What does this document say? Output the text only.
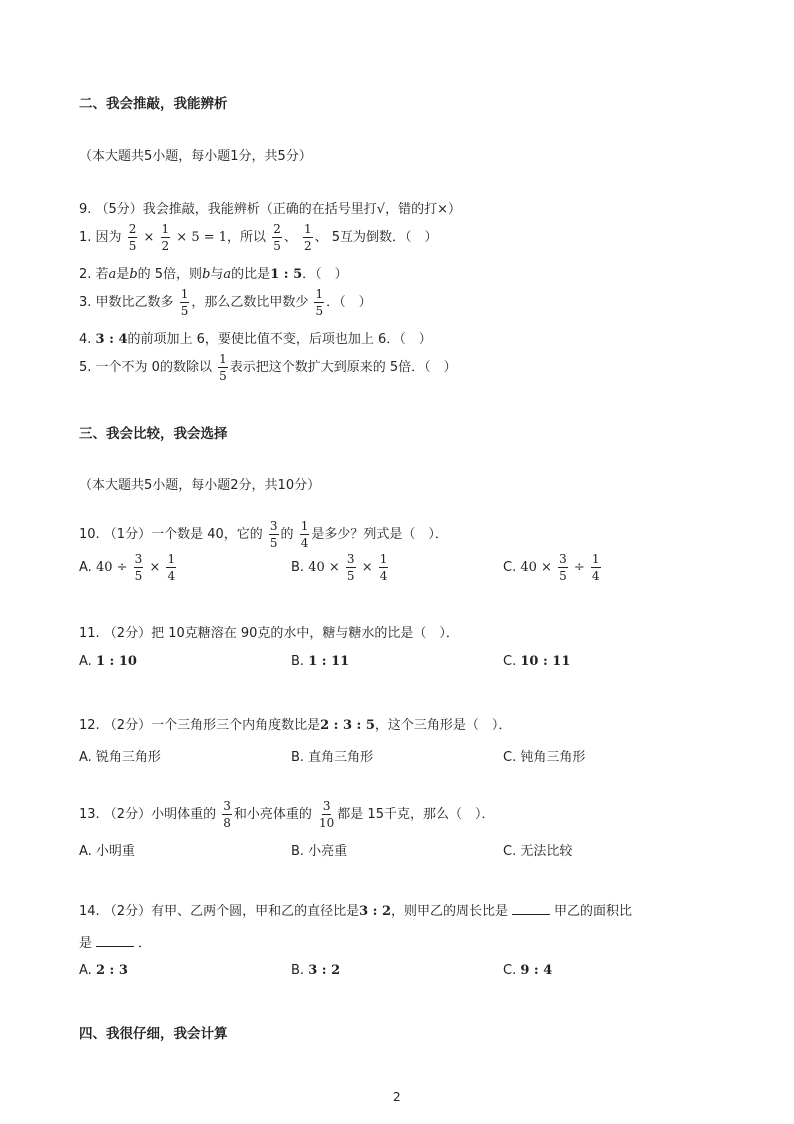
二、我会推敲，我能辨析
（本大题共5小题，每小题1分，共5分）
9. （5分）我会推敲，我能辨析（正确的在括号里打√，错的打×）
1. 因为 $\frac{2}{5} \times \frac{1}{2} \times 5 = 1$，所以 $\frac{2}{5}$ 、 $\frac{1}{2}$ 、 5互为倒数．（　）
2. 若a是b的 5倍，则b与a的比是1 : 5．（　）
3. 甲数比乙数多 $\frac{1}{5}$ ，那么乙数比甲数少 $\frac{1}{5}$ ．（　）
4. 3 : 4的前项加上 6，要使比值不变，后项也加上 6．（　）
5. 一个不为 0的数除以 $\frac{1}{5}$ 表示把这个数扩大到原来的 5倍．（　）
三、我会比较，我会选择
（本大题共5小题，每小题2分，共10分）
10. （1分）一个数是 40，它的 $\frac{3}{5}$ 的 $\frac{1}{4}$ 是多少？列式是（　）．
A. $40 \div \frac{3}{5} \times \frac{1}{4}$	B. $40 \times \frac{3}{5} \times \frac{1}{4}$	C. $40 \times \frac{3}{5} \div \frac{1}{4}$
11. （2分）把 10克糖溶在 90克的水中，糖与糖水的比是（　）．
A. 1 : 10	B. 1 : 11	C. 10 : 11
12. （2分）一个三角形三个内角度数比是2 : 3 : 5，这个三角形是（　）．
A. 锐角三角形	B. 直角三角形	C. 钝角三角形
13. （2分）小明体重的 $\frac{3}{8}$ 和小亮体重的 $\frac{3}{10}$ 都是 15千克，那么（　）．
A. 小明重	B. 小亮重	C. 无法比较
14. （2分）有甲、乙两个圆，甲和乙的直径比是3 : 2，则甲乙的周长比是	甲乙的面积比
是	．
A. 2 : 3	B. 3 : 2	C. 9 : 4
四、我很仔细，我会计算
2
